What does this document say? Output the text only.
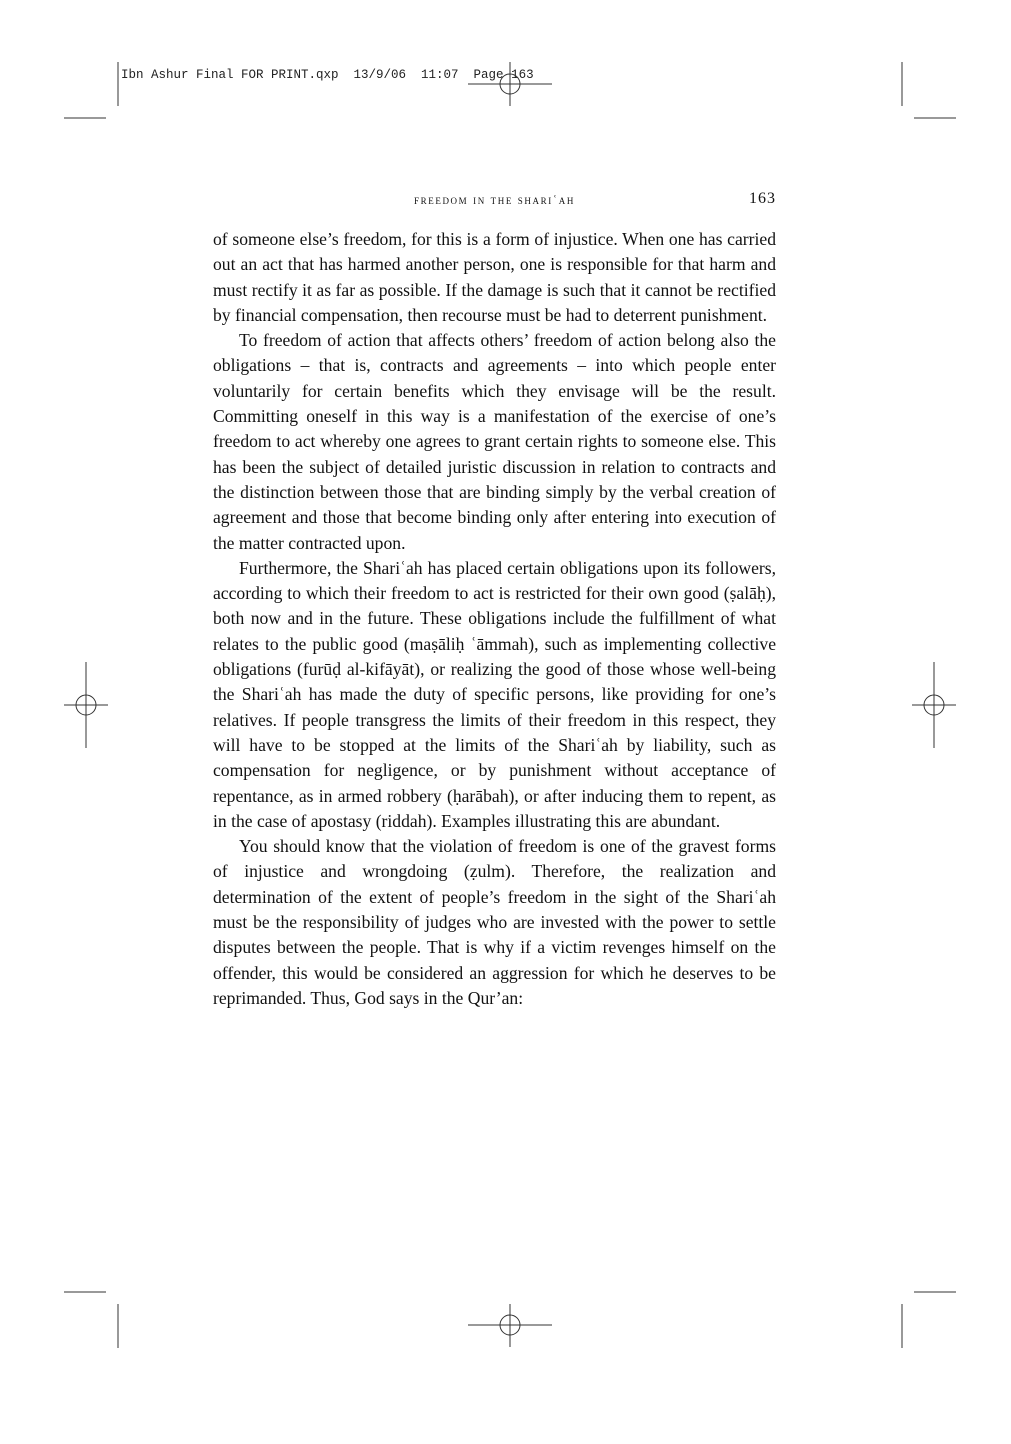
Ibn Ashur Final FOR PRINT.qxp  13/9/06  11:07  Page 163
freedom in the shariʿah	163

of someone else’s freedom, for this is a form of injustice. When one has carried out an act that has harmed another person, one is responsible for that harm and must rectify it as far as possible. If the damage is such that it cannot be rectified by financial compensation, then recourse must be had to deterrent punishment.

To freedom of action that affects others’ freedom of action belong also the obligations – that is, contracts and agreements – into which people enter voluntarily for certain benefits which they envisage will be the result. Committing oneself in this way is a manifestation of the exercise of one’s freedom to act whereby one agrees to grant certain rights to someone else. This has been the subject of detailed juristic discussion in relation to contracts and the distinction between those that are binding simply by the verbal creation of agreement and those that become binding only after entering into execution of the matter contracted upon.

Furthermore, the Shariʿah has placed certain obligations upon its followers, according to which their freedom to act is restricted for their own good (ṣalāḥ), both now and in the future. These obligations include the fulfillment of what relates to the public good (maṣāliḥ ʿāmmah), such as implementing collective obligations (furūḍ al-kifāyāt), or realizing the good of those whose well-being the Shariʿah has made the duty of specific persons, like providing for one’s relatives. If people transgress the limits of their freedom in this respect, they will have to be stopped at the limits of the Shariʿah by liability, such as compensation for negligence, or by punishment without acceptance of repentance, as in armed robbery (ḥarābah), or after inducing them to repent, as in the case of apostasy (riddah). Examples illustrating this are abundant.

You should know that the violation of freedom is one of the gravest forms of injustice and wrongdoing (ẓulm). Therefore, the realization and determination of the extent of people’s freedom in the sight of the Shariʿah must be the responsibility of judges who are invested with the power to settle disputes between the people. That is why if a victim revenges himself on the offender, this would be considered an aggression for which he deserves to be reprimanded. Thus, God says in the Qur’an:
